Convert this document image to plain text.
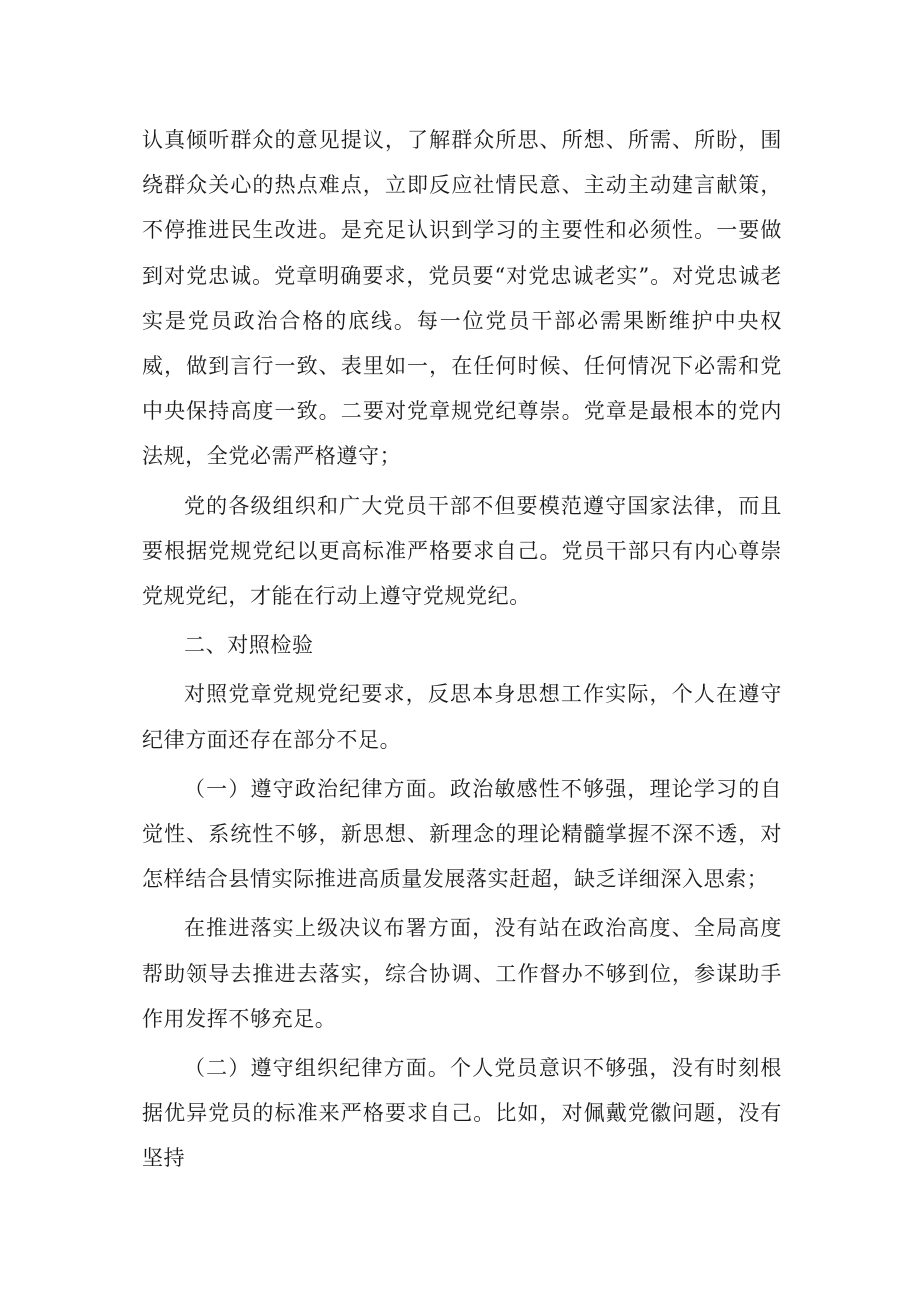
认真倾听群众的意见提议，了解群众所思、所想、所需、所盼，围绕群众关心的热点难点，立即反应社情民意、主动主动建言献策，不停推进民生改进。是充足认识到学习的主要性和必须性。一要做到对党忠诚。党章明确要求，党员要“对党忠诚老实”。对党忠诚老实是党员政治合格的底线。每一位党员干部必需果断维护中央权威，做到言行一致、表里如一，在任何时候、任何情况下必需和党中央保持高度一致。二要对党章规党纪尊崇。党章是最根本的党内法规，全党必需严格遵守；

党的各级组织和广大党员干部不但要模范遵守国家法律，而且要根据党规党纪以更高标准严格要求自己。党员干部只有内心尊崇党规党纪，才能在行动上遵守党规党纪。

二、对照检验

对照党章党规党纪要求，反思本身思想工作实际，个人在遵守纪律方面还存在部分不足。

（一）遵守政治纪律方面。政治敏感性不够强，理论学习的自觉性、系统性不够，新思想、新理念的理论精髓掌握不深不透，对怎样结合县情实际推进高质量发展落实赶超，缺乏详细深入思索；

在推进落实上级决议布署方面，没有站在政治高度、全局高度帮助领导去推进去落实，综合协调、工作督办不够到位，参谋助手作用发挥不够充足。

（二）遵守组织纪律方面。个人党员意识不够强，没有时刻根据优异党员的标准来严格要求自己。比如，对佩戴党徽问题，没有坚持
